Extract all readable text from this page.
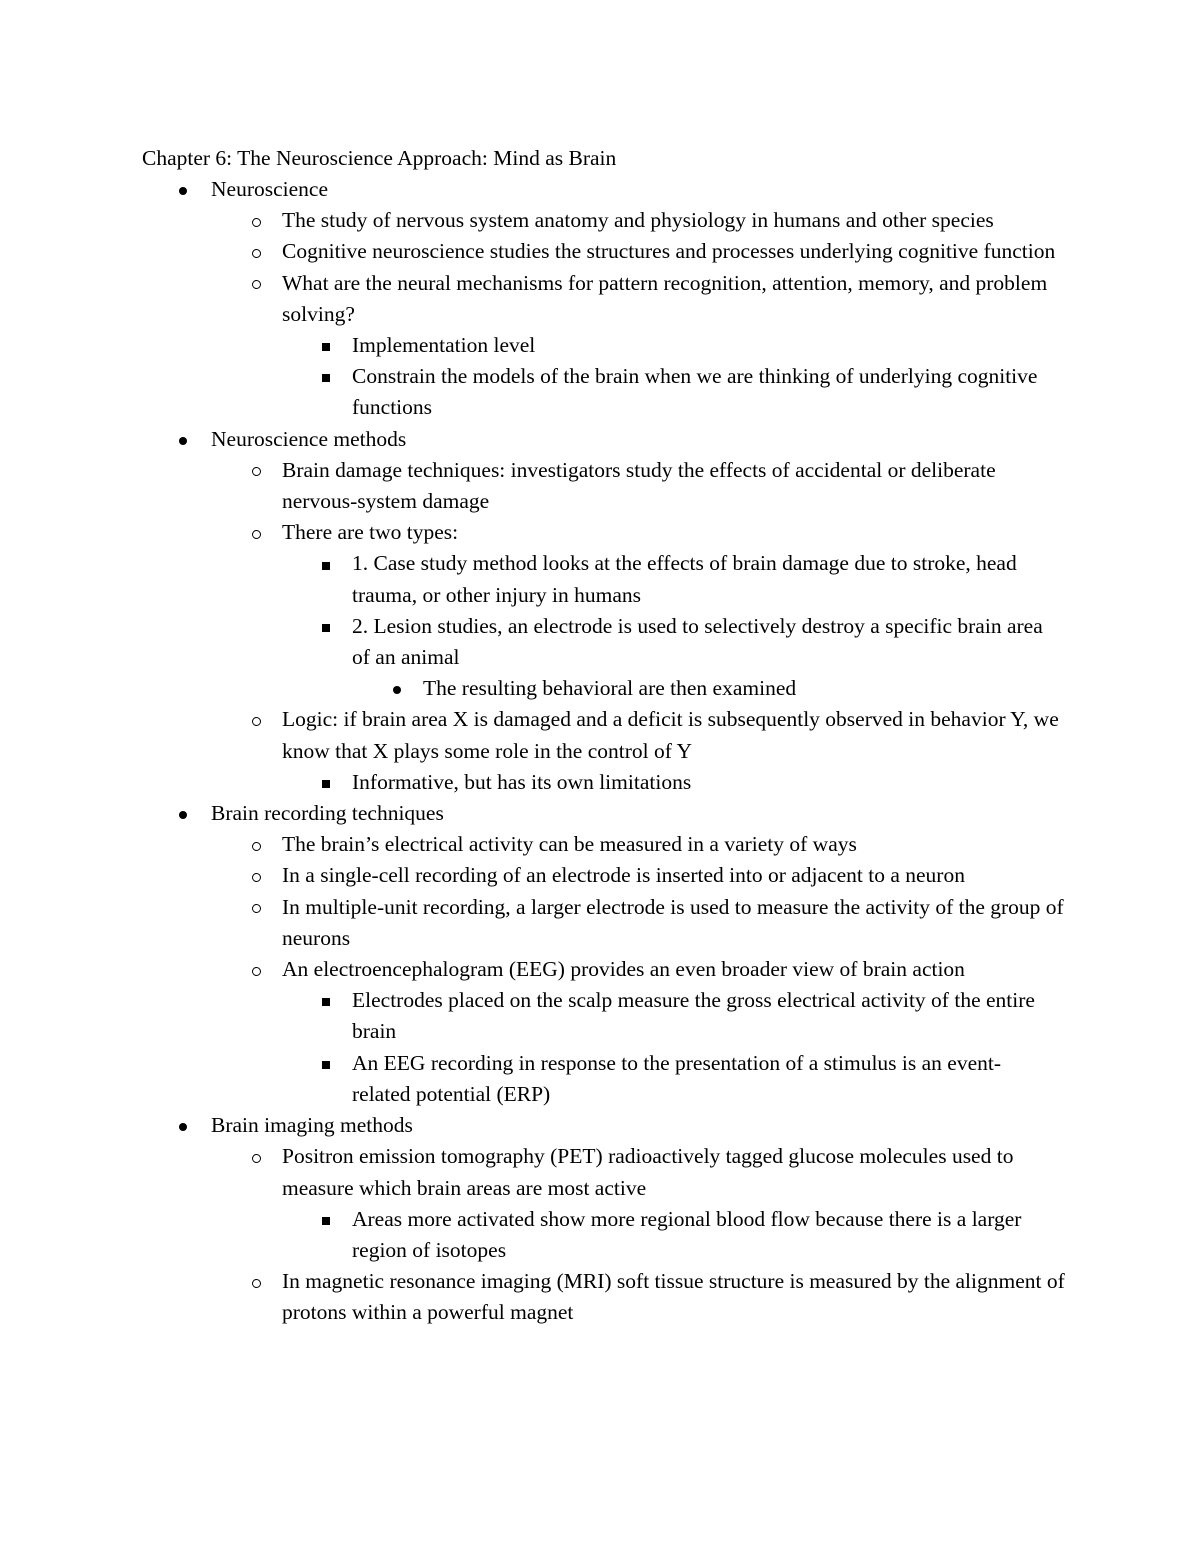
Chapter 6: The Neuroscience Approach: Mind as Brain
Neuroscience
The study of nervous system anatomy and physiology in humans and other species
Cognitive neuroscience studies the structures and processes underlying cognitive function
What are the neural mechanisms for pattern recognition, attention, memory, and problem solving?
Implementation level
Constrain the models of the brain when we are thinking of underlying cognitive functions
Neuroscience methods
Brain damage techniques: investigators study the effects of accidental or deliberate nervous-system damage
There are two types:
1. Case study method looks at the effects of brain damage due to stroke, head trauma, or other injury in humans
2. Lesion studies, an electrode is used to selectively destroy a specific brain area of an animal
The resulting behavioral are then examined
Logic: if brain area X is damaged and a deficit is subsequently observed in behavior Y, we know that X plays some role in the control of Y
Informative, but has its own limitations
Brain recording techniques
The brain’s electrical activity can be measured in a variety of ways
In a single-cell recording of an electrode is inserted into or adjacent to a neuron
In multiple-unit recording, a larger electrode is used to measure the activity of the group of neurons
An electroencephalogram (EEG) provides an even broader view of brain action
Electrodes placed on the scalp measure the gross electrical activity of the entire brain
An EEG recording in response to the presentation of a stimulus is an event-related potential (ERP)
Brain imaging methods
Positron emission tomography (PET) radioactively tagged glucose molecules used to measure which brain areas are most active
Areas more activated show more regional blood flow because there is a larger region of isotopes
In magnetic resonance imaging (MRI) soft tissue structure is measured by the alignment of protons within a powerful magnet
